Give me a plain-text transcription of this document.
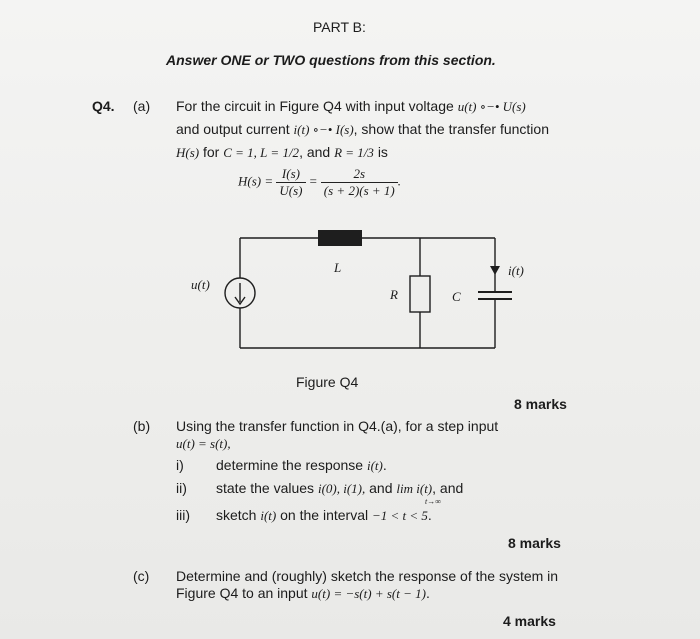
PART B:
Answer ONE or TWO questions from this section.
Q4. (a) For the circuit in Figure Q4 with input voltage u(t) ∘−• U(s)
and output current i(t) ∘−• I(s), show that the transfer function
H(s) for C = 1, L = 1/2, and R = 1/3 is
$H(s) = \frac{I(s)}{U(s)} = \frac{2s}{(s + 2)(s + 1)}$ .
u(t)
L
R	C
i(t)
Figure Q4
8 marks
(b) Using the transfer function in Q4.(a), for a step input
u(t) = s(t),
i) determine the response i(t).
ii) state the values i(0), i(1), and lim i(t), and
t→∞
iii) sketch i(t) on the interval −1 < t < 5.
8 marks
(c) Determine and (roughly) sketch the response of the system in
Figure Q4 to an input u(t) = −s(t) + s(t − 1).
4 marks
